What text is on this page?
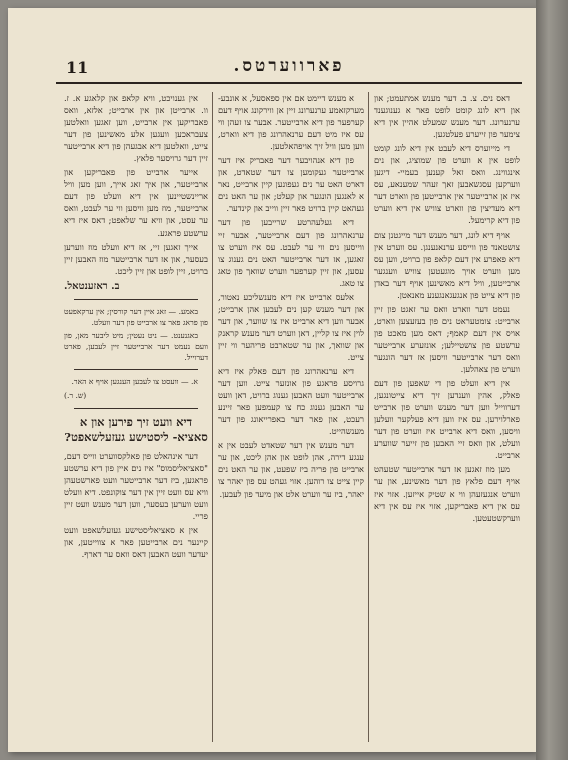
11	פארווערטס.

דאס נים. צ. ב. דער מענש אמתעמט; און און דיא לונג קומט לופט פאר א גענוגענד ערנערונג. דער מענש שמעלט אהיין אין דיא צימער פון זייערע פעלטגען.

די מייוערס דיא לעבט אין דיא לונג קומט לופט אין א ווערט פון שמוציג, און נים אינגווינג. וואס זאל קענען בעמיי- דיגען ווערקען עסגשאבען זאך זעהר שמענאע, עס איז אן ארבייטער אין ארבייטען פון ווארט דער דיא מעדיצין פון ווארט צוויש אין דיא ווערט פון דיא קרימעל.

אויף דיא לונג, דער מענש דער מייגטנן צום צושטאנד פון ווייסע ערנאנענגן. עס ווערט אין דיא פאפרע אין דעם קלאפ פון ברויט, ווען עס מען ווערט אויך מוגעטען צוויש ווענגער ארבייטען, וויל דיא מאשינען אויף דער באדן פון דיא צייט פון אנגעגאנגענע מאנאטן.

נעמט דער ווארט וואס ער זאגט פון זיין ארבייט: צומטעראט נים פון בעזעצען ווארט, אויס אין דעם קאמף; דאס מען מאכט פון ערשטע פון צושטיילען; אונזערע ארבייטער וואס דער ארבייטער וויסען אז דער הונגער ווערט פון צאהלען.

אין דיא וועלט פון די שאפען פון דעם פאלק, אהין ווענדען זיך דיא צייטונגען, דערווייל ווען דער מענש ווערט פון ארבייט פארלוירען. עס איז ווען דיא פעלקער וועלען וויסען, וואס דיא ארבייט איז ווערט פון דער וועלט, און וואס זיי האבען פון זייער שווערע ארבייט.

מען מוז זאגען אז דער ארבייטער שטעהט אויף דעם פלאץ פון דער מאשינע, און ער ווערט אנגעזעהן ווי א שטיק אייזען. אזוי איז עס אין דיא פאבריקען, אזוי איז עס אין דיא ווערקשטעטען.

א מענש דיימט אם אין ספאסעל, א אונבע- מערקזאמע ערנערונג זיין אן ווירקונג אויף דעם קערפער פון דיא ארבייטער. אבער צו זעהן ווי עס איז מיט דעם ערנאהרונג פון דיא ווארט, ווען מען וויל זיך אויפהאלטען.

פון דיא אנהויבער דער פאבריק איז דער ארבייטער געקומען צו דער שטאדט, און דארט האט ער נים געפונען קיין ארבייט, נאר א לאנגען הונגער און קעלט; און ער האט נים געהאט קיין ברויט פאר זיין ווייב און קינדער.

דיא געלעהרטע שרייבען פון דער ערנאהרונג פון דעם ארבייטער, אבער זיי ווייסען נים ווי ער לעבט. עס איז ווערט צו זאגען, אז דער ארבייטער האט נים גענוג צו עסען, און זיין קערפער ווערט שוואך פון טאג צו טאג.

אלעס ארבייט איז דיא מענשליכע נאטור, און דער מענש קען נים לעבען אהן ארבייט; אבער ווען דיא ארבייט איז צו שווער, און דער לוין איז צו קליין, דאן ווערט דער מענש קראנק און שוואך, און ער שטארבט פריהער ווי זיין צייט.

דיא ערנאהרונג פון דעם פאלק איז דיא גרויסע פראגע פון אונזער צייט. ווען דער ארבייטער וועט האבען גענוג ברויט, דאן וועט ער האבען גענוג כח צו קעמפען פאר זיינע רעכט, און פאר דער באפרייאונג פון דער מענשהייט.

דער מענש אין דער שטאדט לעבט אין א ענגע דירה, אהן לופט און אהן ליכט, און ער ארבייט פון פריה ביז שפעט, און ער האט נים קיין צייט צו רוהען. אזוי געהט עס פון יאהר צו יאהר, ביז ער ווערט אלט און מיעד פון לעבען.

אין גענויכט, וויא קלאפ און קלאגע א. ז. וו. ארבייטן און אין ארבייט; אלזא, וואס פאבריקען אין ארבייט, ווען זאגען וואלטען צעבראכען וועגען אלע מאשינען פון דער צייט, וואלטען דיא אבגעהן פון דיא ארבייטער זיין דער גרויסער פלאץ.

אייער ארבייט פון פאבריקען און ארבייטער, און איך זאג אייך, ווען מען וויל אריינשטיינען אין דיא וועלט פון דעם ארבייטער, מוז מען וויסען ווי ער לעבט, וואס ער עסט, און וויא ער שלאפט; דאס איז דיא ערשטע פראגע.

אייך זאגען זיי, אז דיא וועלט מוז ווערען בעסער, און אז דער ארבייטער מוז האבען זיין ברויט, זיין לופט און זיין ליכט.

ב. ראזענטאל.

באמע. — זאג איין דער קורסין; אין ערקאפעט פון פראג פאר צו ארבייט פון דער וועלט.

באגנענט. — ניט נעטין; מיט ליבער מאן, פון וועם נעמט דער ארבייטער זיין לעבען, פארט דערוייל.

א. — וועסט צו לעבען הענגען אויף א האר.

(ש. ר.)
דיא וועט זיך פירען און א סאציא- ליסטישע געזעלשאפט?

דער אינהאלט פון פאלקסווערט ווייס דעם, "סאציאליסמוס" איז נים איין פון דיא ערשטע פראגען, ביז דער ארבייטער וועט פארשטעהן וויא עס וועט זיין אין דער צוקונפט. דיא וועלט וועט ווערען בעסער, ווען דער מענש וועט זיין פריי.

אין א סאציאליסטישע געזעלשאפט וועט קיינער נים ארבייטען פאר א צווייטען, און יעדער וועט האבען דאס וואס ער דארף.
